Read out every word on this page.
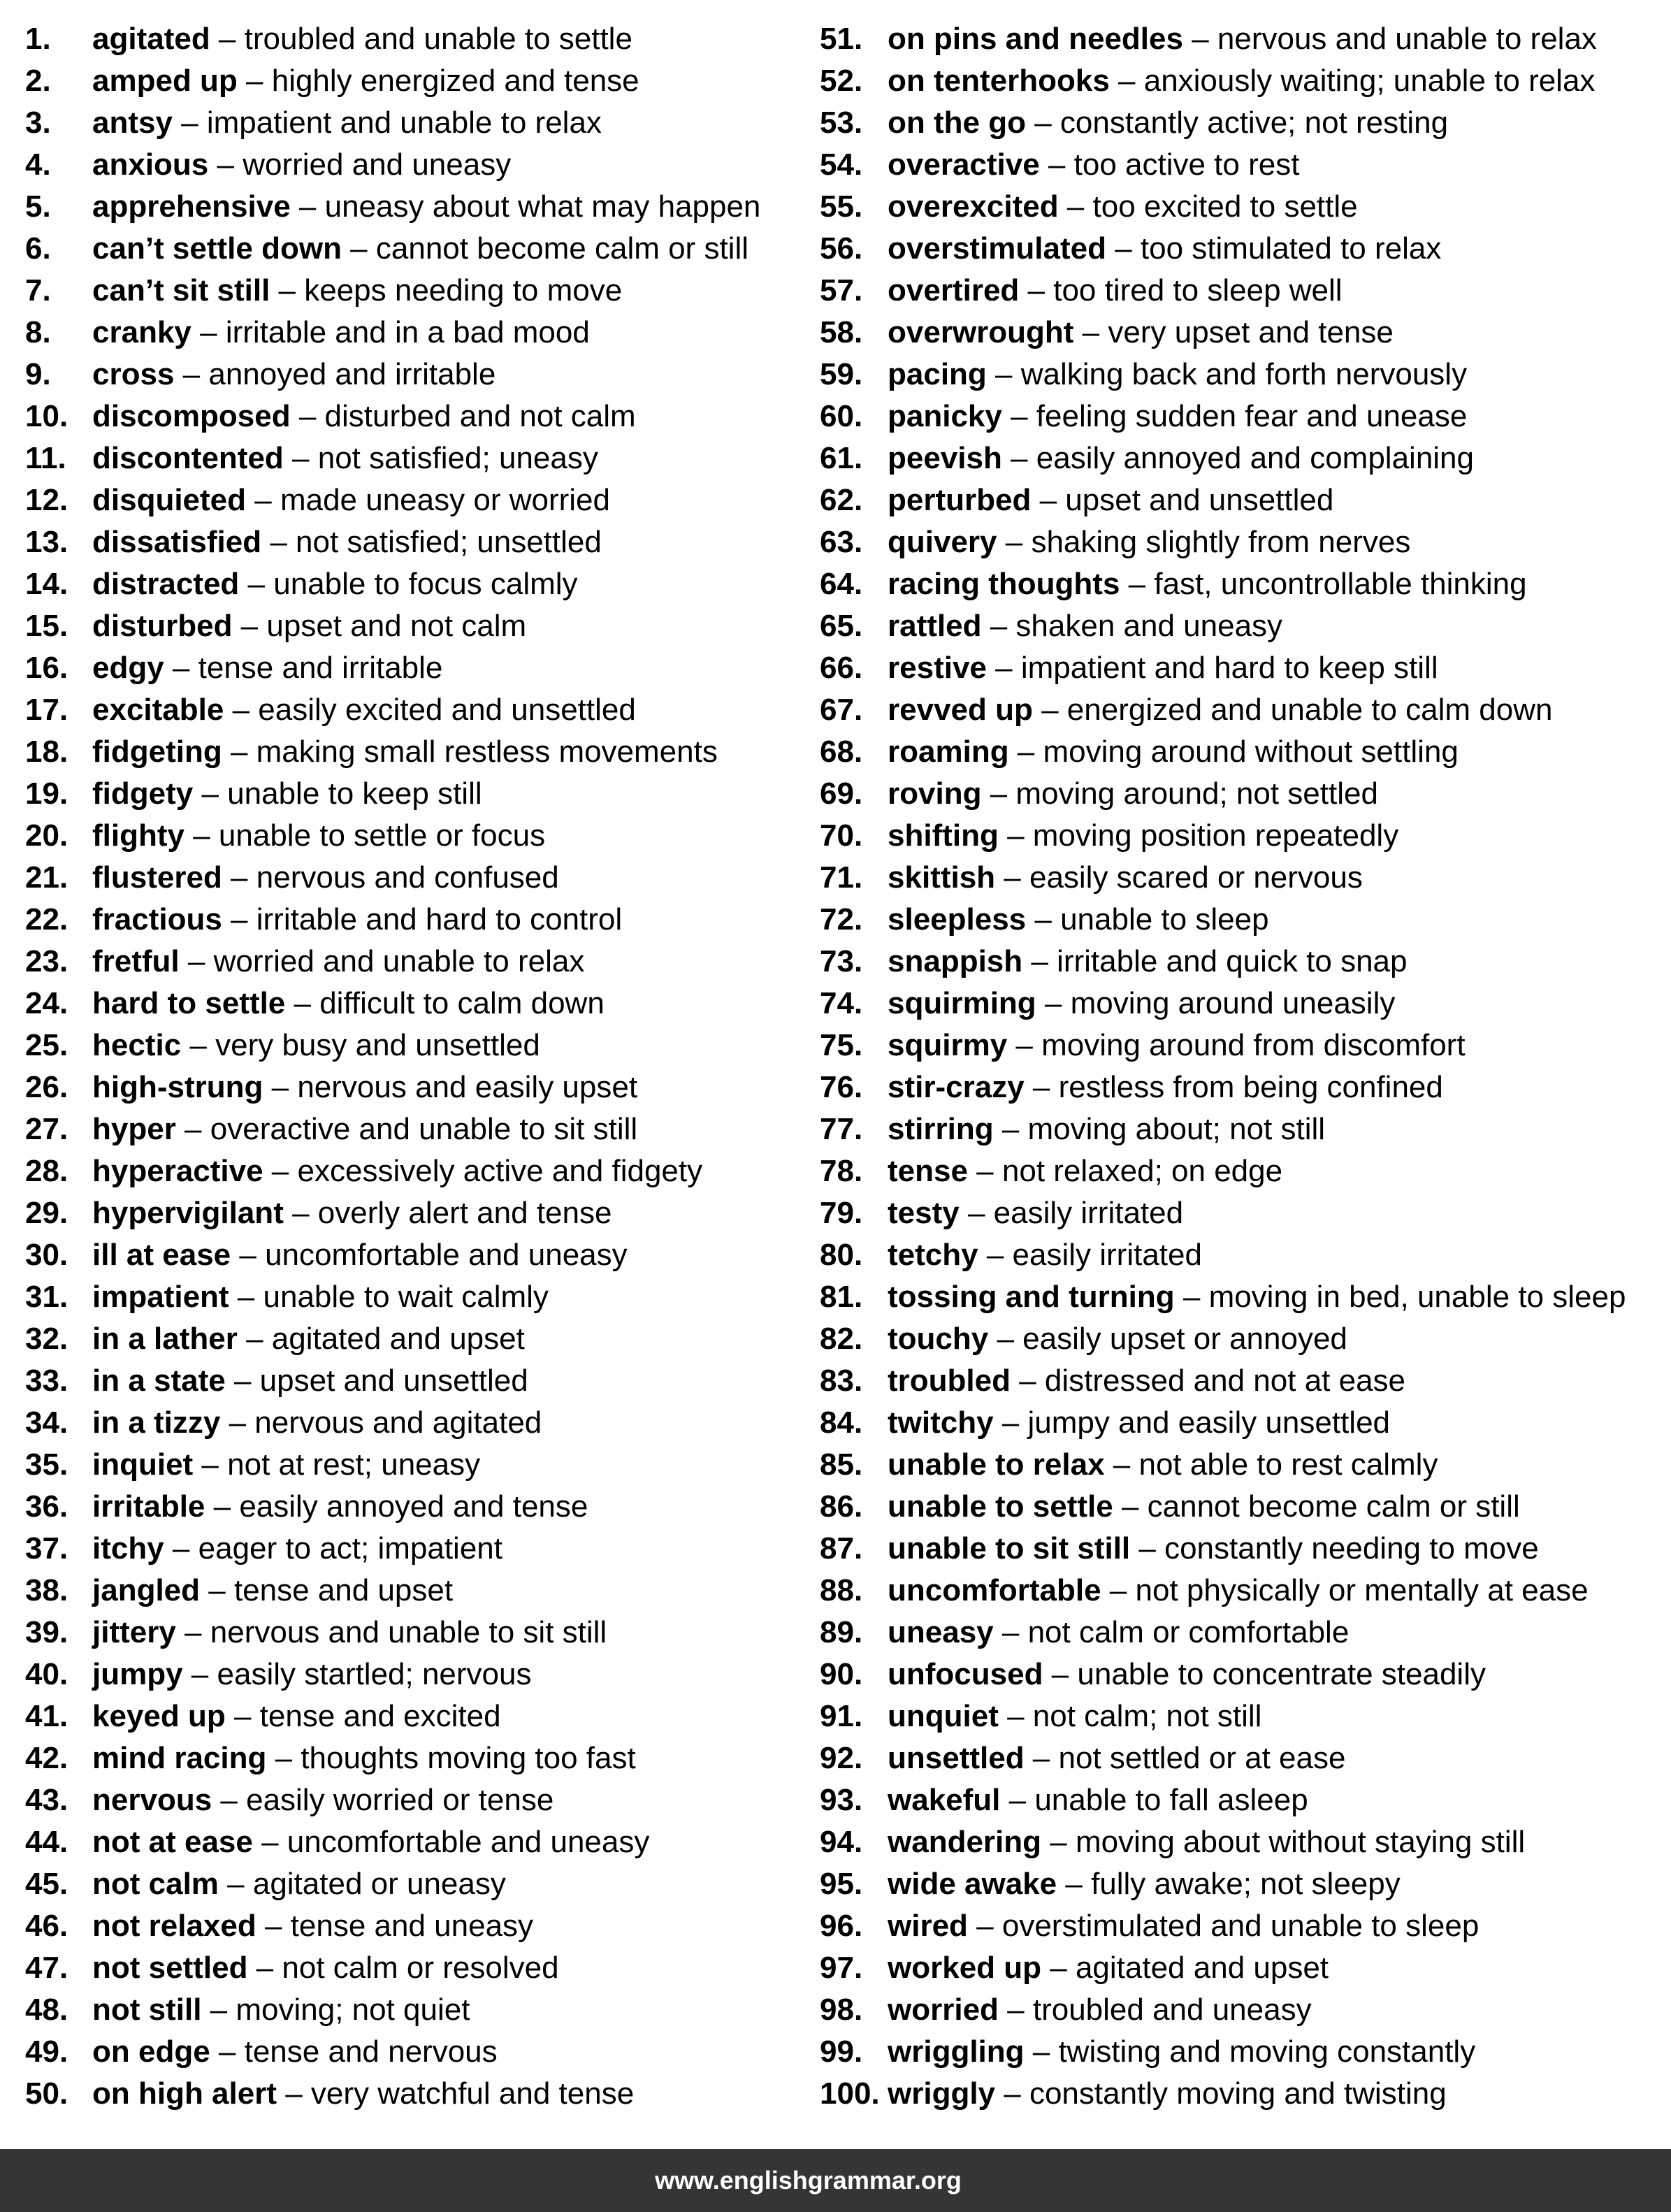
1. agitated – troubled and unable to settle
2. amped up – highly energized and tense
3. antsy – impatient and unable to relax
4. anxious – worried and uneasy
5. apprehensive – uneasy about what may happen
6. can’t settle down – cannot become calm or still
7. can’t sit still – keeps needing to move
8. cranky – irritable and in a bad mood
9. cross – annoyed and irritable
10. discomposed – disturbed and not calm
11. discontented – not satisfied; uneasy
12. disquieted – made uneasy or worried
13. dissatisfied – not satisfied; unsettled
14. distracted – unable to focus calmly
15. disturbed – upset and not calm
16. edgy – tense and irritable
17. excitable – easily excited and unsettled
18. fidgeting – making small restless movements
19. fidgety – unable to keep still
20. flighty – unable to settle or focus
21. flustered – nervous and confused
22. fractious – irritable and hard to control
23. fretful – worried and unable to relax
24. hard to settle – difficult to calm down
25. hectic – very busy and unsettled
26. high-strung – nervous and easily upset
27. hyper – overactive and unable to sit still
28. hyperactive – excessively active and fidgety
29. hypervigilant – overly alert and tense
30. ill at ease – uncomfortable and uneasy
31. impatient – unable to wait calmly
32. in a lather – agitated and upset
33. in a state – upset and unsettled
34. in a tizzy – nervous and agitated
35. inquiet – not at rest; uneasy
36. irritable – easily annoyed and tense
37. itchy – eager to act; impatient
38. jangled – tense and upset
39. jittery – nervous and unable to sit still
40. jumpy – easily startled; nervous
41. keyed up – tense and excited
42. mind racing – thoughts moving too fast
43. nervous – easily worried or tense
44. not at ease – uncomfortable and uneasy
45. not calm – agitated or uneasy
46. not relaxed – tense and uneasy
47. not settled – not calm or resolved
48. not still – moving; not quiet
49. on edge – tense and nervous
50. on high alert – very watchful and tense
51. on pins and needles – nervous and unable to relax
52. on tenterhooks – anxiously waiting; unable to relax
53. on the go – constantly active; not resting
54. overactive – too active to rest
55. overexcited – too excited to settle
56. overstimulated – too stimulated to relax
57. overtired – too tired to sleep well
58. overwrought – very upset and tense
59. pacing – walking back and forth nervously
60. panicky – feeling sudden fear and unease
61. peevish – easily annoyed and complaining
62. perturbed – upset and unsettled
63. quivery – shaking slightly from nerves
64. racing thoughts – fast, uncontrollable thinking
65. rattled – shaken and uneasy
66. restive – impatient and hard to keep still
67. revved up – energized and unable to calm down
68. roaming – moving around without settling
69. roving – moving around; not settled
70. shifting – moving position repeatedly
71. skittish – easily scared or nervous
72. sleepless – unable to sleep
73. snappish – irritable and quick to snap
74. squirming – moving around uneasily
75. squirmy – moving around from discomfort
76. stir-crazy – restless from being confined
77. stirring – moving about; not still
78. tense – not relaxed; on edge
79. testy – easily irritated
80. tetchy – easily irritated
81. tossing and turning – moving in bed, unable to sleep
82. touchy – easily upset or annoyed
83. troubled – distressed and not at ease
84. twitchy – jumpy and easily unsettled
85. unable to relax – not able to rest calmly
86. unable to settle – cannot become calm or still
87. unable to sit still – constantly needing to move
88. uncomfortable – not physically or mentally at ease
89. uneasy – not calm or comfortable
90. unfocused – unable to concentrate steadily
91. unquiet – not calm; not still
92. unsettled – not settled or at ease
93. wakeful – unable to fall asleep
94. wandering – moving about without staying still
95. wide awake – fully awake; not sleepy
96. wired – overstimulated and unable to sleep
97. worked up – agitated and upset
98. worried – troubled and uneasy
99. wriggling – twisting and moving constantly
100. wriggly – constantly moving and twisting
www.englishgrammar.org
